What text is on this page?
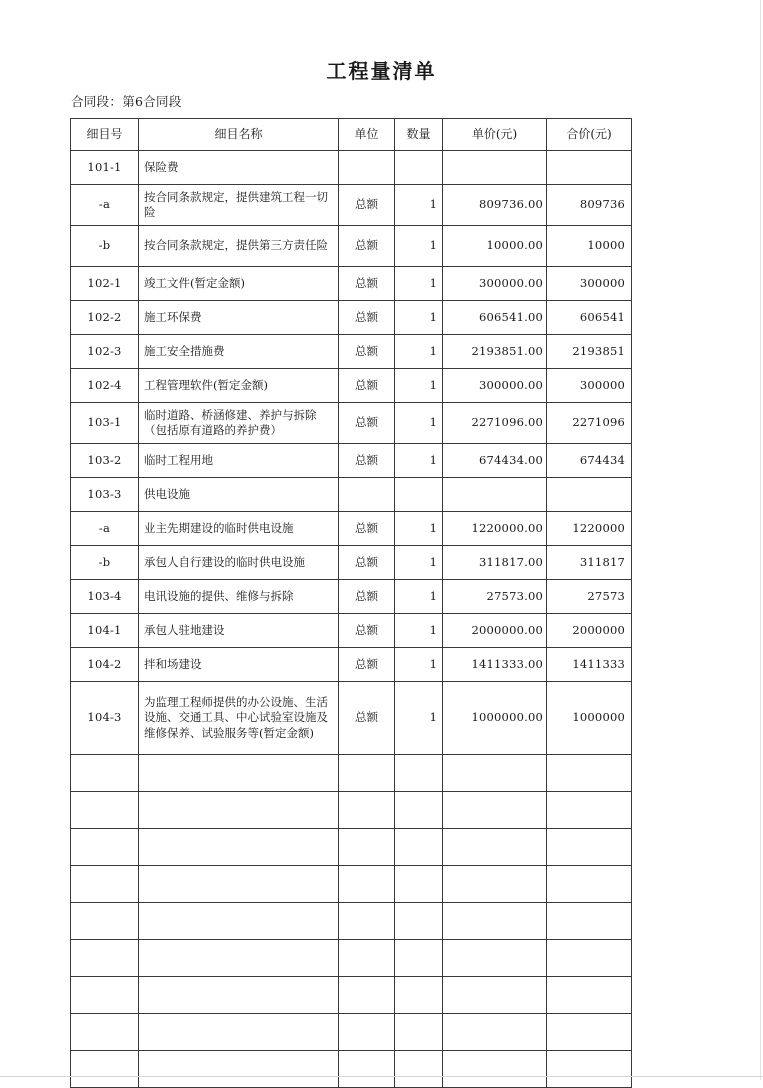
工程量清单
合同段：第6合同段
细目号	细目名称	单位	数量	单价(元)	合价(元)
101-1	保险费				
-a	按合同条款规定，提供建筑工程一切险	总额	1	809736.00	809736
-b	按合同条款规定，提供第三方责任险	总额	1	10000.00	10000
102-1	竣工文件(暂定金额)	总额	1	300000.00	300000
102-2	施工环保费	总额	1	606541.00	606541
102-3	施工安全措施费	总额	1	2193851.00	2193851
102-4	工程管理软件(暂定金额)	总额	1	300000.00	300000
103-1	临时道路、桥涵修建、养护与拆除（包括原有道路的养护费）	总额	1	2271096.00	2271096
103-2	临时工程用地	总额	1	674434.00	674434
103-3	供电设施				
-a	业主先期建设的临时供电设施	总额	1	1220000.00	1220000
-b	承包人自行建设的临时供电设施	总额	1	311817.00	311817
103-4	电讯设施的提供、维修与拆除	总额	1	27573.00	27573
104-1	承包人驻地建设	总额	1	2000000.00	2000000
104-2	拌和场建设	总额	1	1411333.00	1411333
104-3	为监理工程师提供的办公设施、生活设施、交通工具、中心试验室设施及维修保养、试验服务等(暂定金额)	总额	1	1000000.00	1000000
